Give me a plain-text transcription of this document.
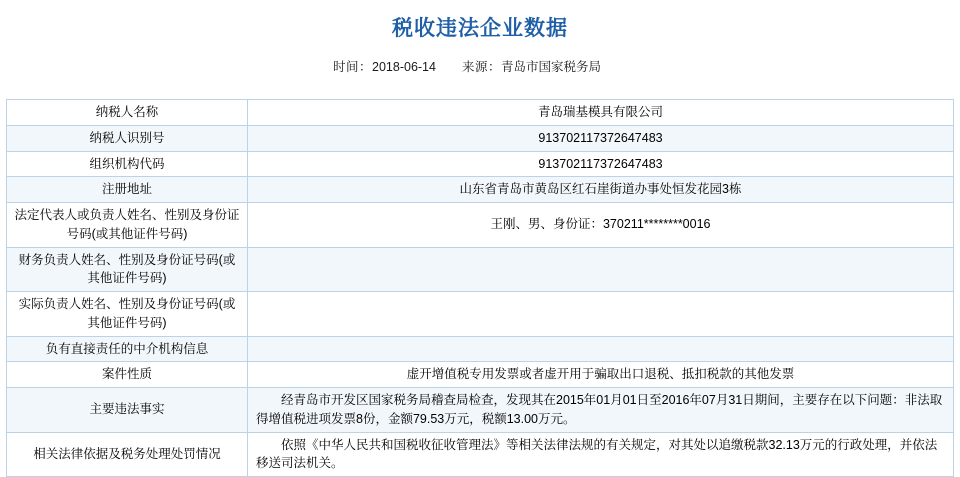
税收违法企业数据
时间：2018-06-14 来源：青岛市国家税务局
纳税人名称	青岛瑞基模具有限公司
纳税人识别号	913702117372647483
组织机构代码	913702117372647483
注册地址	山东省青岛市黄岛区红石崖街道办事处恒发花园3栋
法定代表人或负责人姓名、性别及身份证号码(或其他证件号码)	王刚、男、身份证：370211********0016
财务负责人姓名、性别及身份证号码(或其他证件号码)	
实际负责人姓名、性别及身份证号码(或其他证件号码)	
负有直接责任的中介机构信息	
案件性质	虚开增值税专用发票或者虚开用于骗取出口退税、抵扣税款的其他发票
主要违法事实	经青岛市开发区国家税务局稽查局检查，发现其在2015年01月01日至2016年07月31日期间，主要存在以下问题：非法取得增值税进项发票8份，金额79.53万元，税额13.00万元。
相关法律依据及税务处理处罚情况	依照《中华人民共和国税收征收管理法》等相关法律法规的有关规定，对其处以追缴税款32.13万元的行政处理，并依法移送司法机关。
